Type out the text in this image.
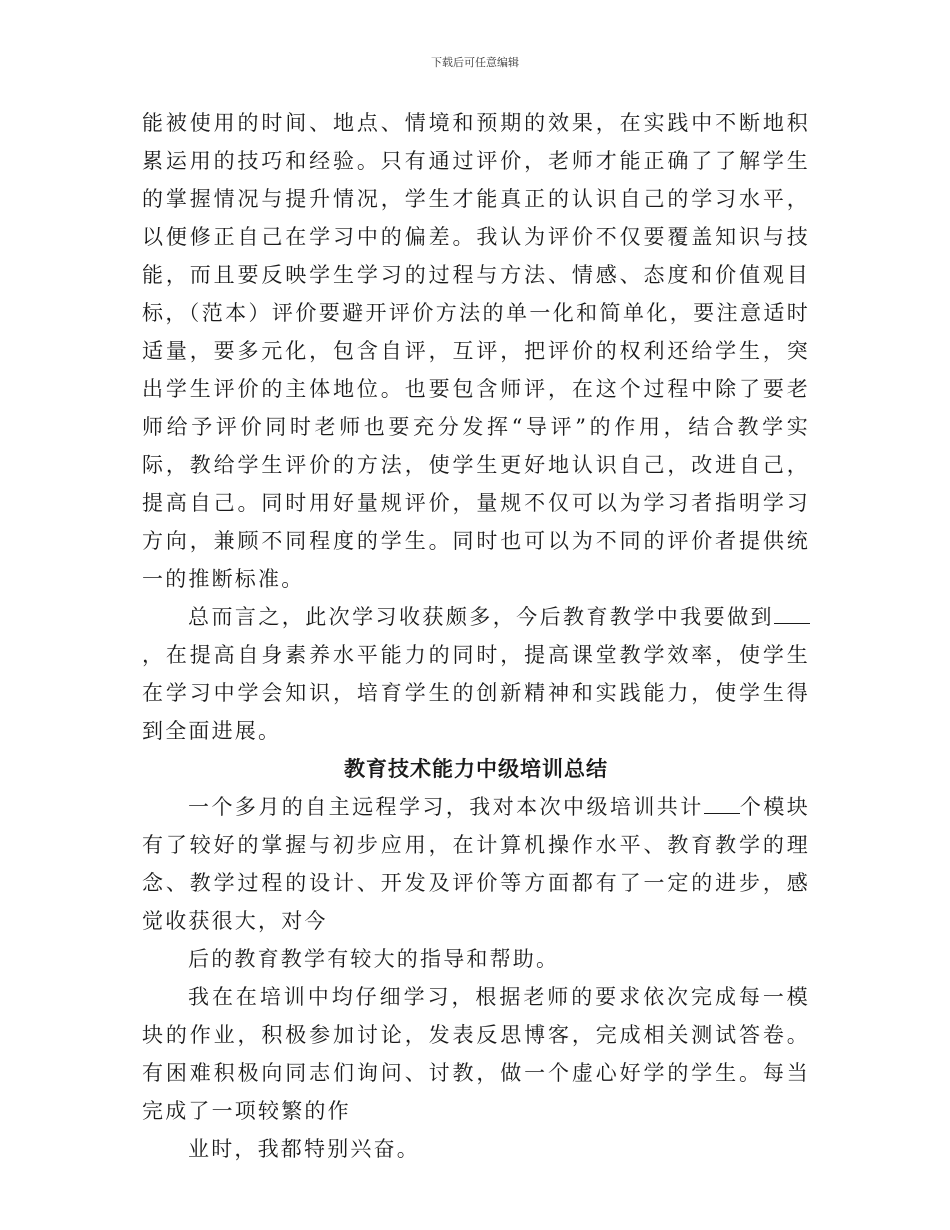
下载后可任意编辑

能被使用的时间、地点、情境和预期的效果，在实践中不断地积累运用的技巧和经验。只有通过评价，老师才能正确了了解学生的掌握情况与提升情况，学生才能真正的认识自己的学习水平，以便修正自己在学习中的偏差。我认为评价不仅要覆盖知识与技能，而且要反映学生学习的过程与方法、情感、态度和价值观目标，（范本）评价要避开评价方法的单一化和简单化，要注意适时适量，要多元化，包含自评，互评，把评价的权利还给学生，突出学生评价的主体地位。也要包含师评，在这个过程中除了要老师给予评价同时老师也要充分发挥“导评”的作用，结合教学实际，教给学生评价的方法，使学生更好地认识自己，改进自己，提高自己。同时用好量规评价，量规不仅可以为学习者指明学习方向，兼顾不同程度的学生。同时也可以为不同的评价者提供统一的推断标准。

总而言之，此次学习收获颇多，今后教育教学中我要做到，在提高自身素养水平能力的同时，提高课堂教学效率，使学生在学习中学会知识，培育学生的创新精神和实践能力，使学生得到全面进展。

教育技术能力中级培训总结

一个多月的自主远程学习，我对本次中级培训共计 个模块有了较好的掌握与初步应用，在计算机操作水平、教育教学的理念、教学过程的设计、开发及评价等方面都有了一定的进步，感觉收获很大，对今

后的教育教学有较大的指导和帮助。

我在在培训中均仔细学习，根据老师的要求依次完成每一模块的作业，积极参加讨论，发表反思博客，完成相关测试答卷。有困难积极向同志们询问、讨教，做一个虚心好学的学生。每当完成了一项较繁的作

业时，我都特别兴奋。
